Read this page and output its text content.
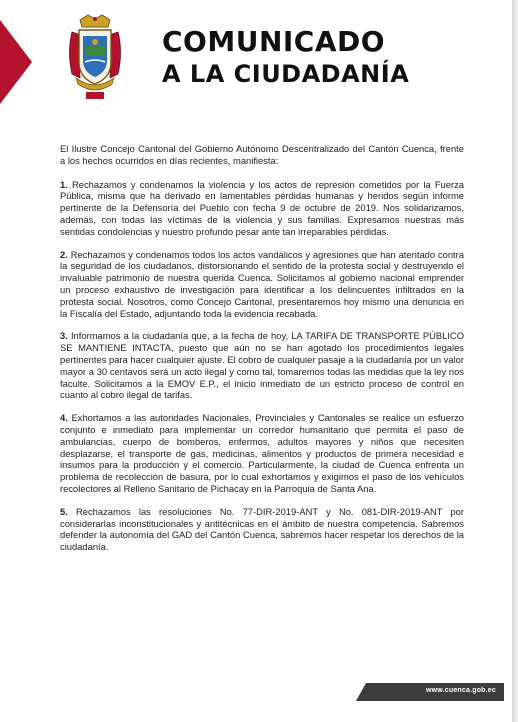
COMUNICADO
A LA CIUDADANÍA

El Ilustre Concejo Cantonal del Gobierno Autónomo Descentralizado del Cantón Cuenca, frente a los hechos ocurridos en días recientes, manifiesta:

1. Rechazamos y condenamos la violencia y los actos de represión cometidos por la Fuerza Pública, misma que ha derivado en lamentables pérdidas humanas y heridos según informe pertinente de la Defensoría del Pueblo con fecha 9 de octubre de 2019. Nos solidarizamos, además, con todas las víctimas de la violencia y sus familias. Expresamos nuestras más sentidas condolencias y nuestro profundo pesar ante tan irreparables pérdidas.

2. Rechazamos y condenamos todos los actos vandálicos y agresiones que han atentado contra la seguridad de los ciudadanos, distorsionando el sentido de la protesta social y destruyendo el invaluable patrimonio de nuestra querida Cuenca. Solicitamos al gobierno nacional emprender un proceso exhaustivo de investigación para identificar a los delincuentes infiltrados en la protesta social. Nosotros, como Concejo Cantonal, presentaremos hoy mismo una denuncia en la Fiscalía del Estado, adjuntando toda la evidencia recabada.

3. Informamos a la ciudadanía que, a la fecha de hoy, LA TARIFA DE TRANSPORTE PÚBLICO SE MANTIENE INTACTA, puesto que aún no se han agotado los procedimientos legales pertinentes para hacer cualquier ajuste. El cobro de cualquier pasaje a la ciudadanía por un valor mayor a 30 centavos será un acto ilegal y como tal, tomaremos todas las medidas que la ley nos faculte. Solicitamos a la EMOV E.P., el inicio inmediato de un estricto proceso de control en cuanto al cobro ilegal de tarifas.

4. Exhortamos a las autoridades Nacionales, Provinciales y Cantonales se realice un esfuerzo conjunto e inmediato para implementar un corredor humanitario que permita el paso de ambulancias, cuerpo de bomberos, enfermos, adultos mayores y niños que necesiten desplazarse, el transporte de gas, medicinas, alimentos y productos de primera necesidad e insumos para la producción y el comercio. Particularmente, la ciudad de Cuenca enfrenta un problema de recolección de basura, por lo cual exhortamos y exigimos el paso de los vehículos recolectores al Relleno Sanitario de Pichacay en la Parroquia de Santa Ana.

5. Rechazamos las resoluciones No. 77-DIR-2019-ANT y No. 081-DIR-2019-ANT por considerarlas inconstitucionales y antitécnicas en el ámbito de nuestra competencia. Sabremos defender la autonomía del GAD del Cantón Cuenca, sabremos hacer respetar los derechos de la ciudadanía.

www.cuenca.gob.ec
